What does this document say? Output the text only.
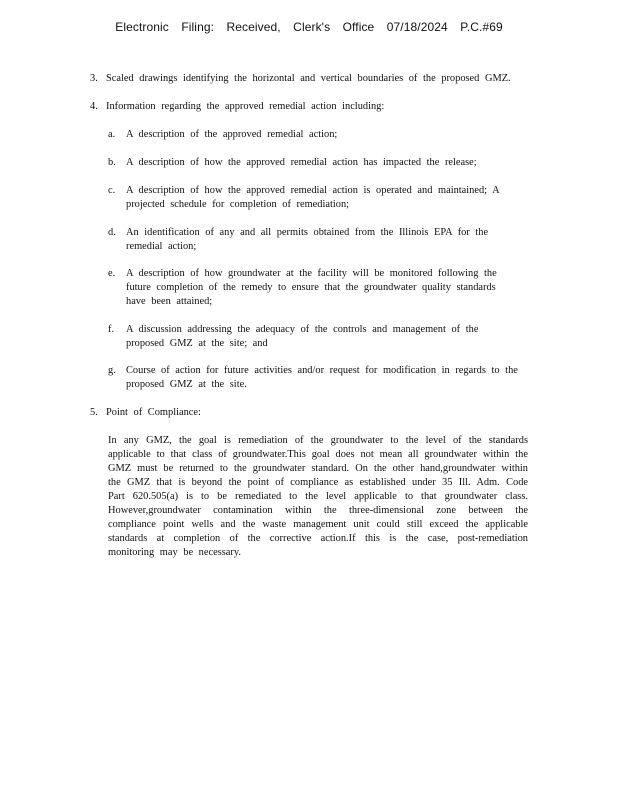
Electronic Filing: Received, Clerk's Office 07/18/2024 P.C.#69
3. Scaled drawings identifying the horizontal and vertical boundaries of the proposed GMZ.
4. Information regarding the approved remedial action including:
a.	A description of the approved remedial action;
b. A description of how the approved remedial action has impacted the release;
c.	A description of how the approved remedial action is operated and maintained; A projected schedule for completion of remediation;
d. An identification of any and all permits obtained from the Illinois EPA for the remedial action;
e.	A description of how groundwater at the facility will be monitored following the future completion of the remedy to ensure that the groundwater quality standards have been attained;
f.	A discussion addressing the adequacy of the controls and management of the proposed GMZ at the site; and
g. Course of action for future activities and/or request for modification in regards to the proposed GMZ at the site.
5. Point of Compliance:
In any GMZ, the goal is remediation of the groundwater to the level of the standards applicable to that class of groundwater.This goal does not mean all groundwater within the GMZ must be returned to the groundwater standard. On the other hand,groundwater within the GMZ that is beyond the point of compliance as established under 35 Ill. Adm. Code Part 620.505(a) is to be remediated to the level applicable to that groundwater class. However,groundwater contamination within the three-dimensional zone between the compliance point wells and the waste management unit could still exceed the applicable standards at completion of the corrective action.If this is the case, post-remediation monitoring may be necessary.
